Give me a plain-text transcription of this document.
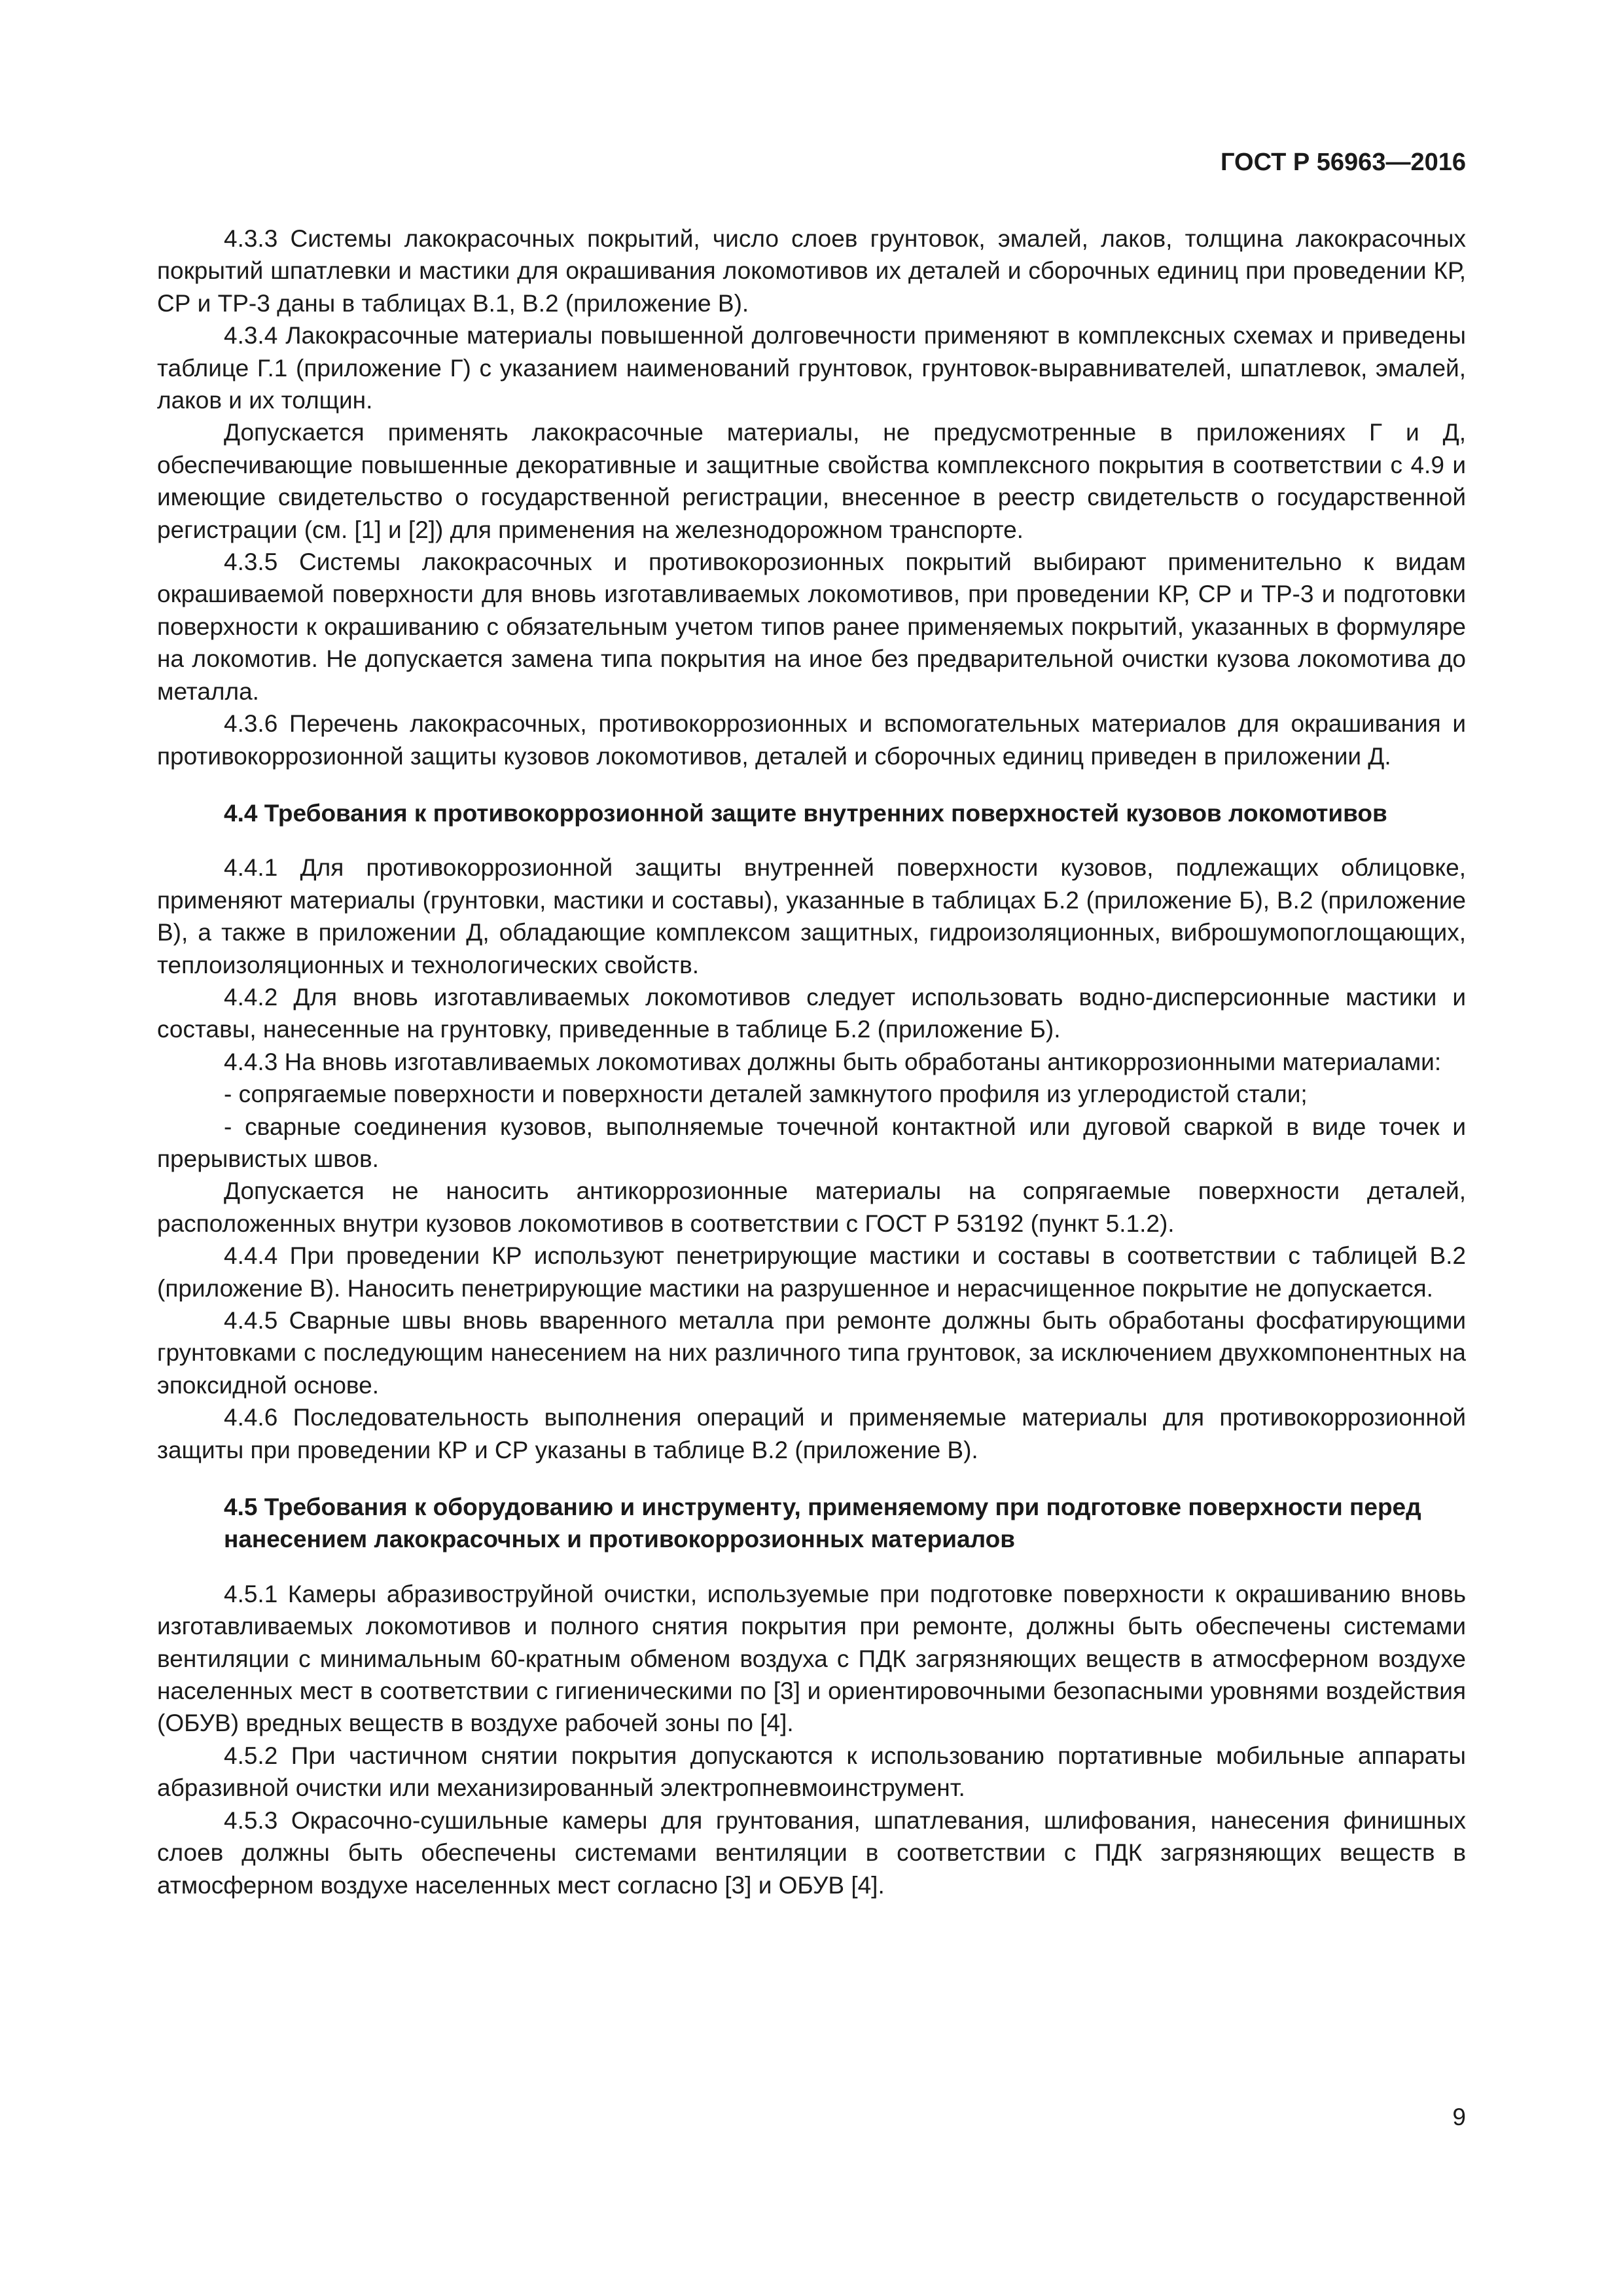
ГОСТ Р 56963—2016

4.3.3 Системы лакокрасочных покрытий, число слоев грунтовок, эмалей, лаков, толщина лакокрасочных покрытий шпатлевки и мастики для окрашивания локомотивов их деталей и сборочных единиц при проведении КР, СР и ТР-3 даны в таблицах В.1, В.2 (приложение В).

4.3.4 Лакокрасочные материалы повышенной долговечности применяют в комплексных схемах и приведены таблице Г.1 (приложение Г) с указанием наименований грунтовок, грунтовок-выравнивателей, шпатлевок, эмалей, лаков и их толщин.

Допускается применять лакокрасочные материалы, не предусмотренные в приложениях Г и Д, обеспечивающие повышенные декоративные и защитные свойства комплексного покрытия в соответствии с 4.9 и имеющие свидетельство о государственной регистрации, внесенное в реестр свидетельств о государственной регистрации (см. [1] и [2]) для применения на железнодорожном транспорте.

4.3.5 Системы лакокрасочных и противокорозионных покрытий выбирают применительно к видам окрашиваемой поверхности для вновь изготавливаемых локомотивов, при проведении КР, СР и ТР-3 и подготовки поверхности к окрашиванию с обязательным учетом типов ранее применяемых покрытий, указанных в формуляре на локомотив. Не допускается замена типа покрытия на иное без предварительной очистки кузова локомотива до металла.

4.3.6 Перечень лакокрасочных, противокоррозионных и вспомогательных материалов для окрашивания и противокоррозионной защиты кузовов локомотивов, деталей и сборочных единиц приведен в приложении Д.

4.4 Требования к противокоррозионной защите внутренних поверхностей кузовов локомотивов

4.4.1 Для противокоррозионной защиты внутренней поверхности кузовов, подлежащих облицовке, применяют материалы (грунтовки, мастики и составы), указанные в таблицах Б.2 (приложение Б), В.2 (приложение В), а также в приложении Д, обладающие комплексом защитных, гидроизоляционных, виброшумопоглощающих, теплоизоляционных и технологических свойств.

4.4.2 Для вновь изготавливаемых локомотивов следует использовать водно-дисперсионные мастики и составы, нанесенные на грунтовку, приведенные в таблице Б.2 (приложение Б).

4.4.3 На вновь изготавливаемых локомотивах должны быть обработаны антикоррозионными материалами:

- сопрягаемые поверхности и поверхности деталей замкнутого профиля из углеродистой стали;

- сварные соединения кузовов, выполняемые точечной контактной или дуговой сваркой в виде точек и прерывистых швов.

Допускается не наносить антикоррозионные материалы на сопрягаемые поверхности деталей, расположенных внутри кузовов локомотивов в соответствии с ГОСТ Р 53192 (пункт 5.1.2).

4.4.4 При проведении КР используют пенетрирующие мастики и составы в соответствии с таблицей В.2 (приложение В). Наносить пенетрирующие мастики на разрушенное и нерасчищенное покрытие не допускается.

4.4.5 Сварные швы вновь вваренного металла при ремонте должны быть обработаны фосфатирующими грунтовками с последующим нанесением на них различного типа грунтовок, за исключением двухкомпонентных на эпоксидной основе.

4.4.6 Последовательность выполнения операций и применяемые материалы для противокоррозионной защиты при проведении КР и СР указаны в таблице В.2 (приложение В).

4.5 Требования к оборудованию и инструменту, применяемому при подготовке поверхности перед нанесением лакокрасочных и противокоррозионных материалов

4.5.1 Камеры абразивоструйной очистки, используемые при подготовке поверхности к окрашиванию вновь изготавливаемых локомотивов и полного снятия покрытия при ремонте, должны быть обеспечены системами вентиляции с минимальным 60-кратным обменом воздуха с ПДК загрязняющих веществ в атмосферном воздухе населенных мест в соответствии с гигиеническими по [3] и ориентировочными безопасными уровнями воздействия (ОБУВ) вредных веществ в воздухе рабочей зоны по [4].

4.5.2 При частичном снятии покрытия допускаются к использованию портативные мобильные аппараты абразивной очистки или механизированный электропневмоинструмент.

4.5.3 Окрасочно-сушильные камеры для грунтования, шпатлевания, шлифования, нанесения финишных слоев должны быть обеспечены системами вентиляции в соответствии с ПДК загрязняющих веществ в атмосферном воздухе населенных мест согласно [3] и ОБУВ [4].

9
